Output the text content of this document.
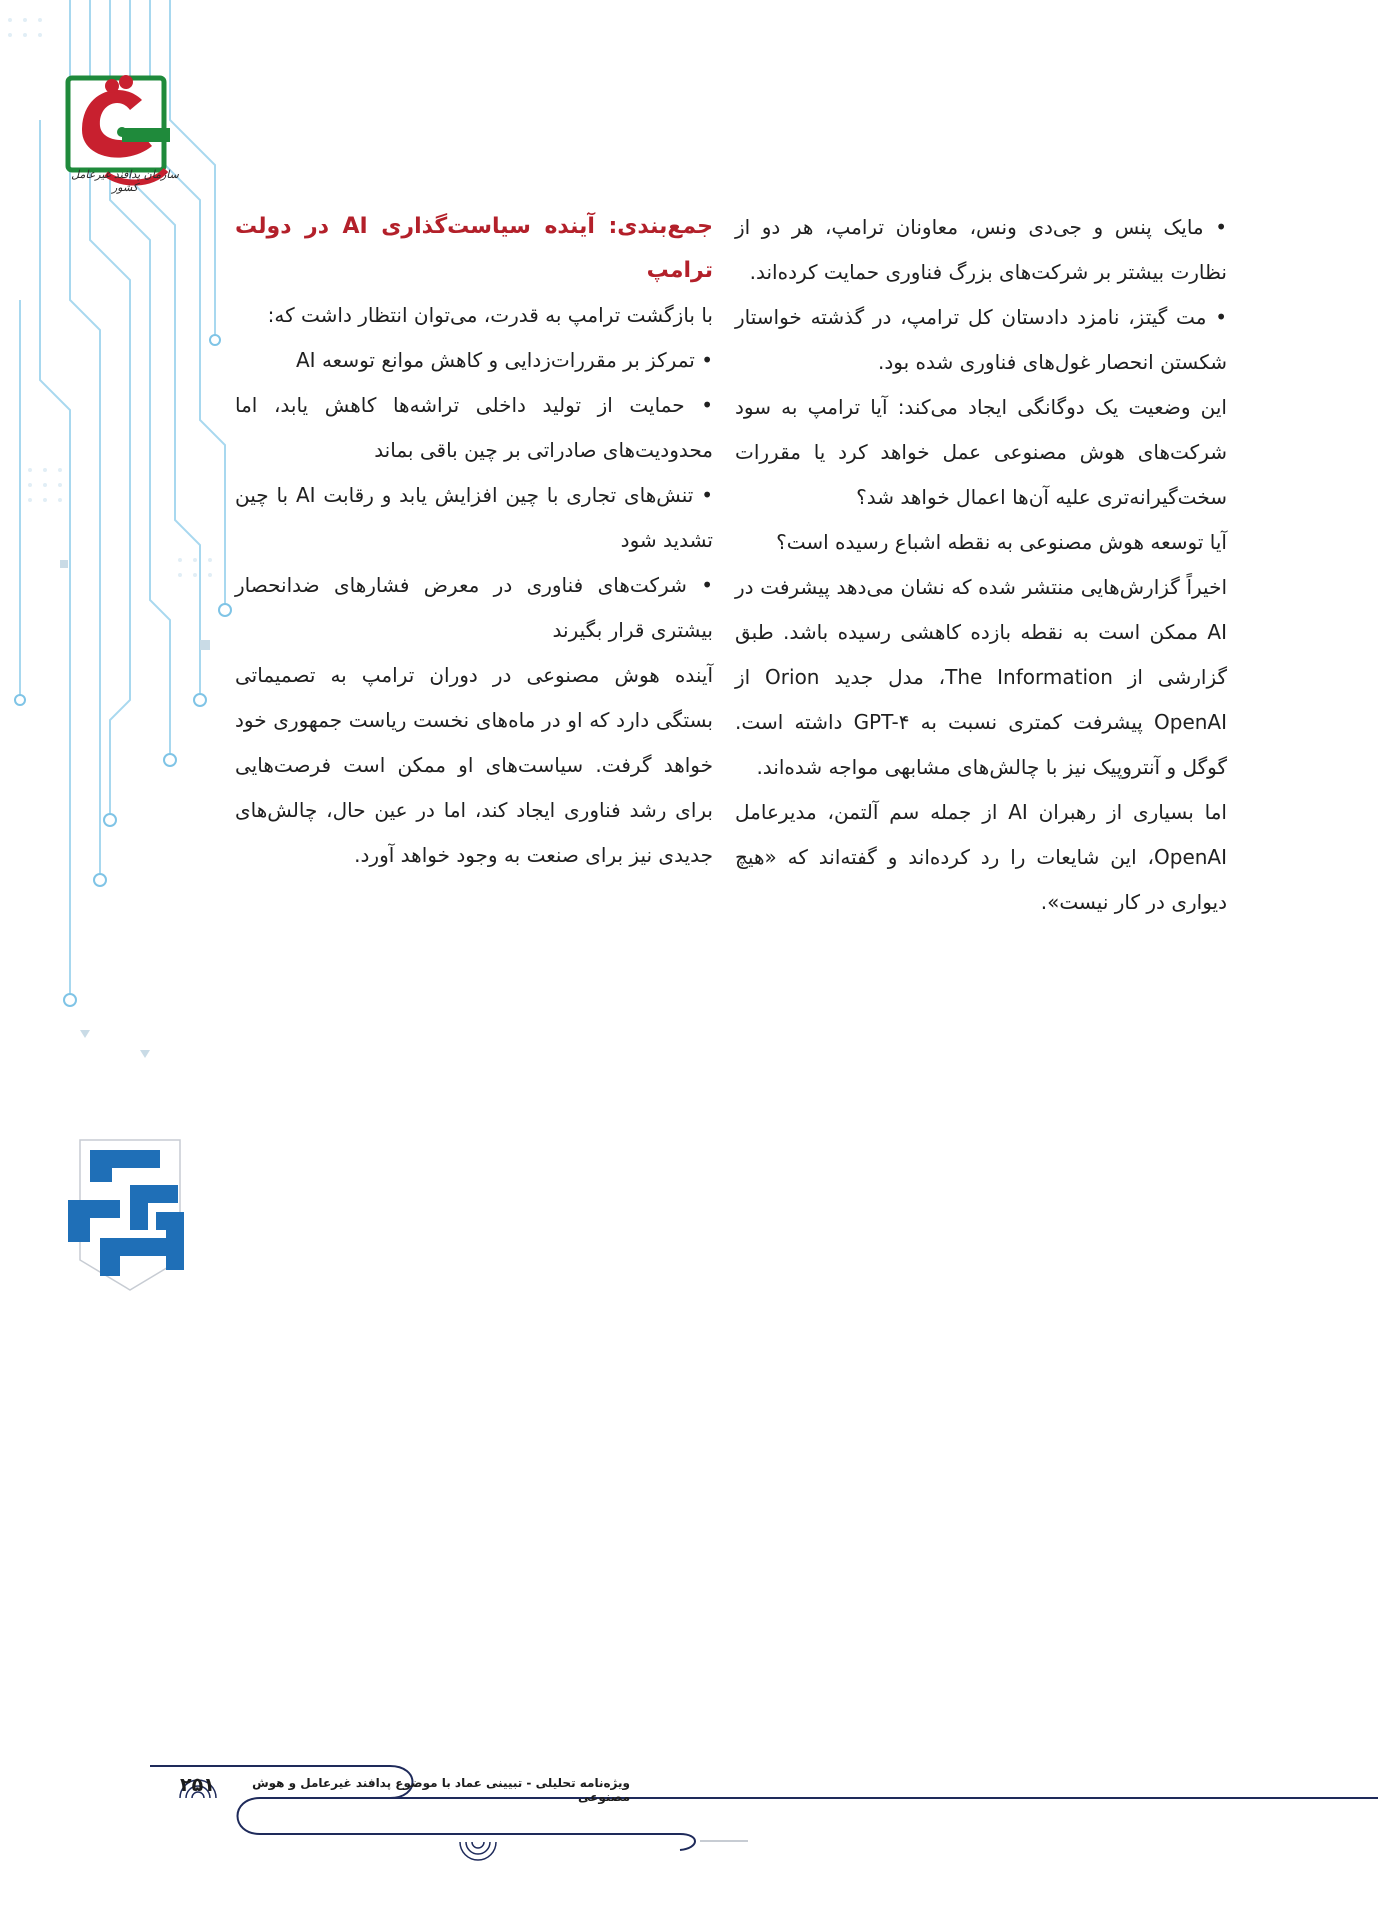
سازمان پدافند غیرعامل کشور

• مایک پنس و جی‌دی ونس، معاونان ترامپ، هر دو از نظارت بیشتر بر شرکت‌های بزرگ فناوری حمایت کرده‌اند.

• مت گیتز، نامزد دادستان کل ترامپ، در گذشته خواستار شکستن انحصار غول‌های فناوری شده بود.

این وضعیت یک دوگانگی ایجاد می‌کند: آیا ترامپ به سود شرکت‌های هوش مصنوعی عمل خواهد کرد یا مقررات سخت‌گیرانه‌تری علیه آن‌ها اعمال خواهد شد؟

آیا توسعه هوش مصنوعی به نقطه اشباع رسیده است؟

اخیراً گزارش‌هایی منتشر شده که نشان می‌دهد پیشرفت در AI ممکن است به نقطه بازده کاهشی رسیده باشد. طبق گزارشی از The Information، مدل جدید Orion از OpenAI پیشرفت کمتری نسبت به GPT-۴ داشته است. گوگل و آنتروپیک نیز با چالش‌های مشابهی مواجه شده‌اند.

اما بسیاری از رهبران AI از جمله سم آلتمن، مدیرعامل OpenAI، این شایعات را رد کرده‌اند و گفته‌اند که «هیچ دیواری در کار نیست».

جمع‌بندی: آینده سیاست‌گذاری AI در دولت ترامپ

با بازگشت ترامپ به قدرت، می‌توان انتظار داشت که:

• تمرکز بر مقررات‌زدایی و کاهش موانع توسعه AI

• حمایت از تولید داخلی تراشه‌ها کاهش یابد، اما محدودیت‌های صادراتی بر چین باقی بماند

• تنش‌های تجاری با چین افزایش یابد و رقابت AI با چین تشدید شود

• شرکت‌های فناوری در معرض فشارهای ضدانحصار بیشتری قرار بگیرند

آینده هوش مصنوعی در دوران ترامپ به تصمیماتی بستگی دارد که او در ماه‌های نخست ریاست جمهوری خود خواهد گرفت. سیاست‌های او ممکن است فرصت‌هایی برای رشد فناوری ایجاد کند، اما در عین حال، چالش‌های جدیدی نیز برای صنعت به وجود خواهد آورد.

۲۵۱	ویژه‌نامه تحلیلی - تبیینی عماد با موضوع پدافند غیرعامل و هوش مصنوعی
